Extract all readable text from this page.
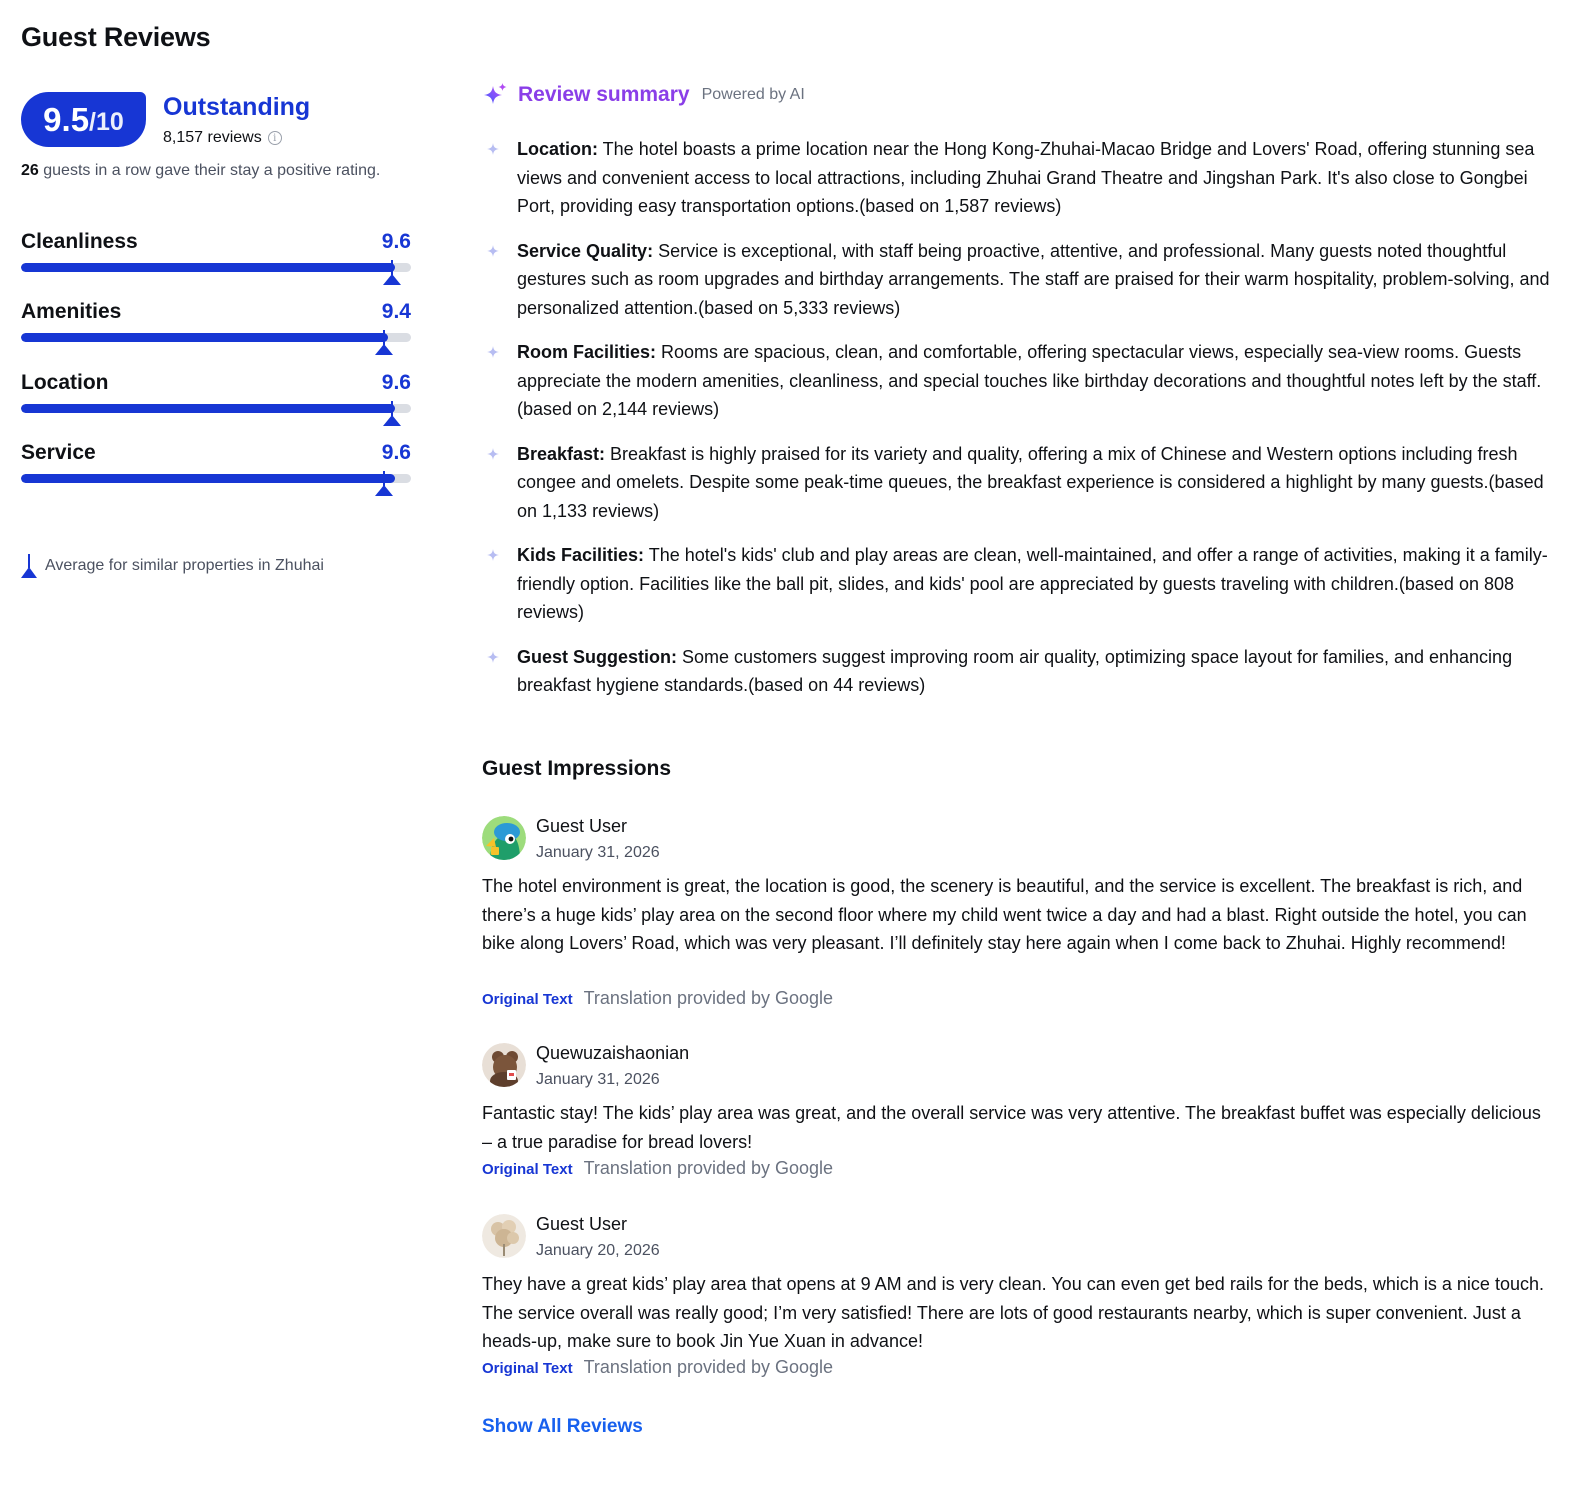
Guest Reviews
9.5 /10
Outstanding
8,157 reviews	i
26 guests in a row gave their stay a positive rating.
Cleanliness	9.6
Amenities	9.4
Location	9.6
Service	9.6
Average for similar properties in Zhuhai
Review summary Powered by AI
Location: The hotel boasts a prime location near the Hong Kong-Zhuhai-Macao Bridge and Lovers' Road, offering stunning sea views and convenient access to local attractions, including Zhuhai Grand Theatre and Jingshan Park. It's also close to Gongbei Port, providing easy transportation options.(based on 1,587 reviews)
Service Quality: Service is exceptional, with staff being proactive, attentive, and professional. Many guests noted thoughtful gestures such as room upgrades and birthday arrangements. The staff are praised for their warm hospitality, problem-solving, and personalized attention.(based on 5,333 reviews)
Room Facilities: Rooms are spacious, clean, and comfortable, offering spectacular views, especially sea-view rooms. Guests appreciate the modern amenities, cleanliness, and special touches like birthday decorations and thoughtful notes left by the staff.(based on 2,144 reviews)
Breakfast: Breakfast is highly praised for its variety and quality, offering a mix of Chinese and Western options including fresh congee and omelets. Despite some peak-time queues, the breakfast experience is considered a highlight by many guests.(based on 1,133 reviews)
Kids Facilities: The hotel's kids' club and play areas are clean, well-maintained, and offer a range of activities, making it a family-friendly option. Facilities like the ball pit, slides, and kids' pool are appreciated by guests traveling with children.(based on 808 reviews)
Guest Suggestion: Some customers suggest improving room air quality, optimizing space layout for families, and enhancing breakfast hygiene standards.(based on 44 reviews)
Guest Impressions
Guest User
January 31, 2026

The hotel environment is great, the location is good, the scenery is beautiful, and the service is excellent. The breakfast is rich, and there’s a huge kids’ play area on the second floor where my child went twice a day and had a blast. Right outside the hotel, you can bike along Lovers’ Road, which was very pleasant. I’ll definitely stay here again when I come back to Zhuhai. Highly recommend!

Original Text Translation provided by Google
Quewuzaishaonian
January 31, 2026

Fantastic stay! The kids’ play area was great, and the overall service was very attentive. The breakfast buffet was especially delicious – a true paradise for bread lovers!

Original Text Translation provided by Google
Guest User
January 20, 2026

They have a great kids’ play area that opens at 9 AM and is very clean. You can even get bed rails for the beds, which is a nice touch. The service overall was really good; I’m very satisfied! There are lots of good restaurants nearby, which is super convenient. Just a heads-up, make sure to book Jin Yue Xuan in advance!

Original Text Translation provided by Google
Show All Reviews
